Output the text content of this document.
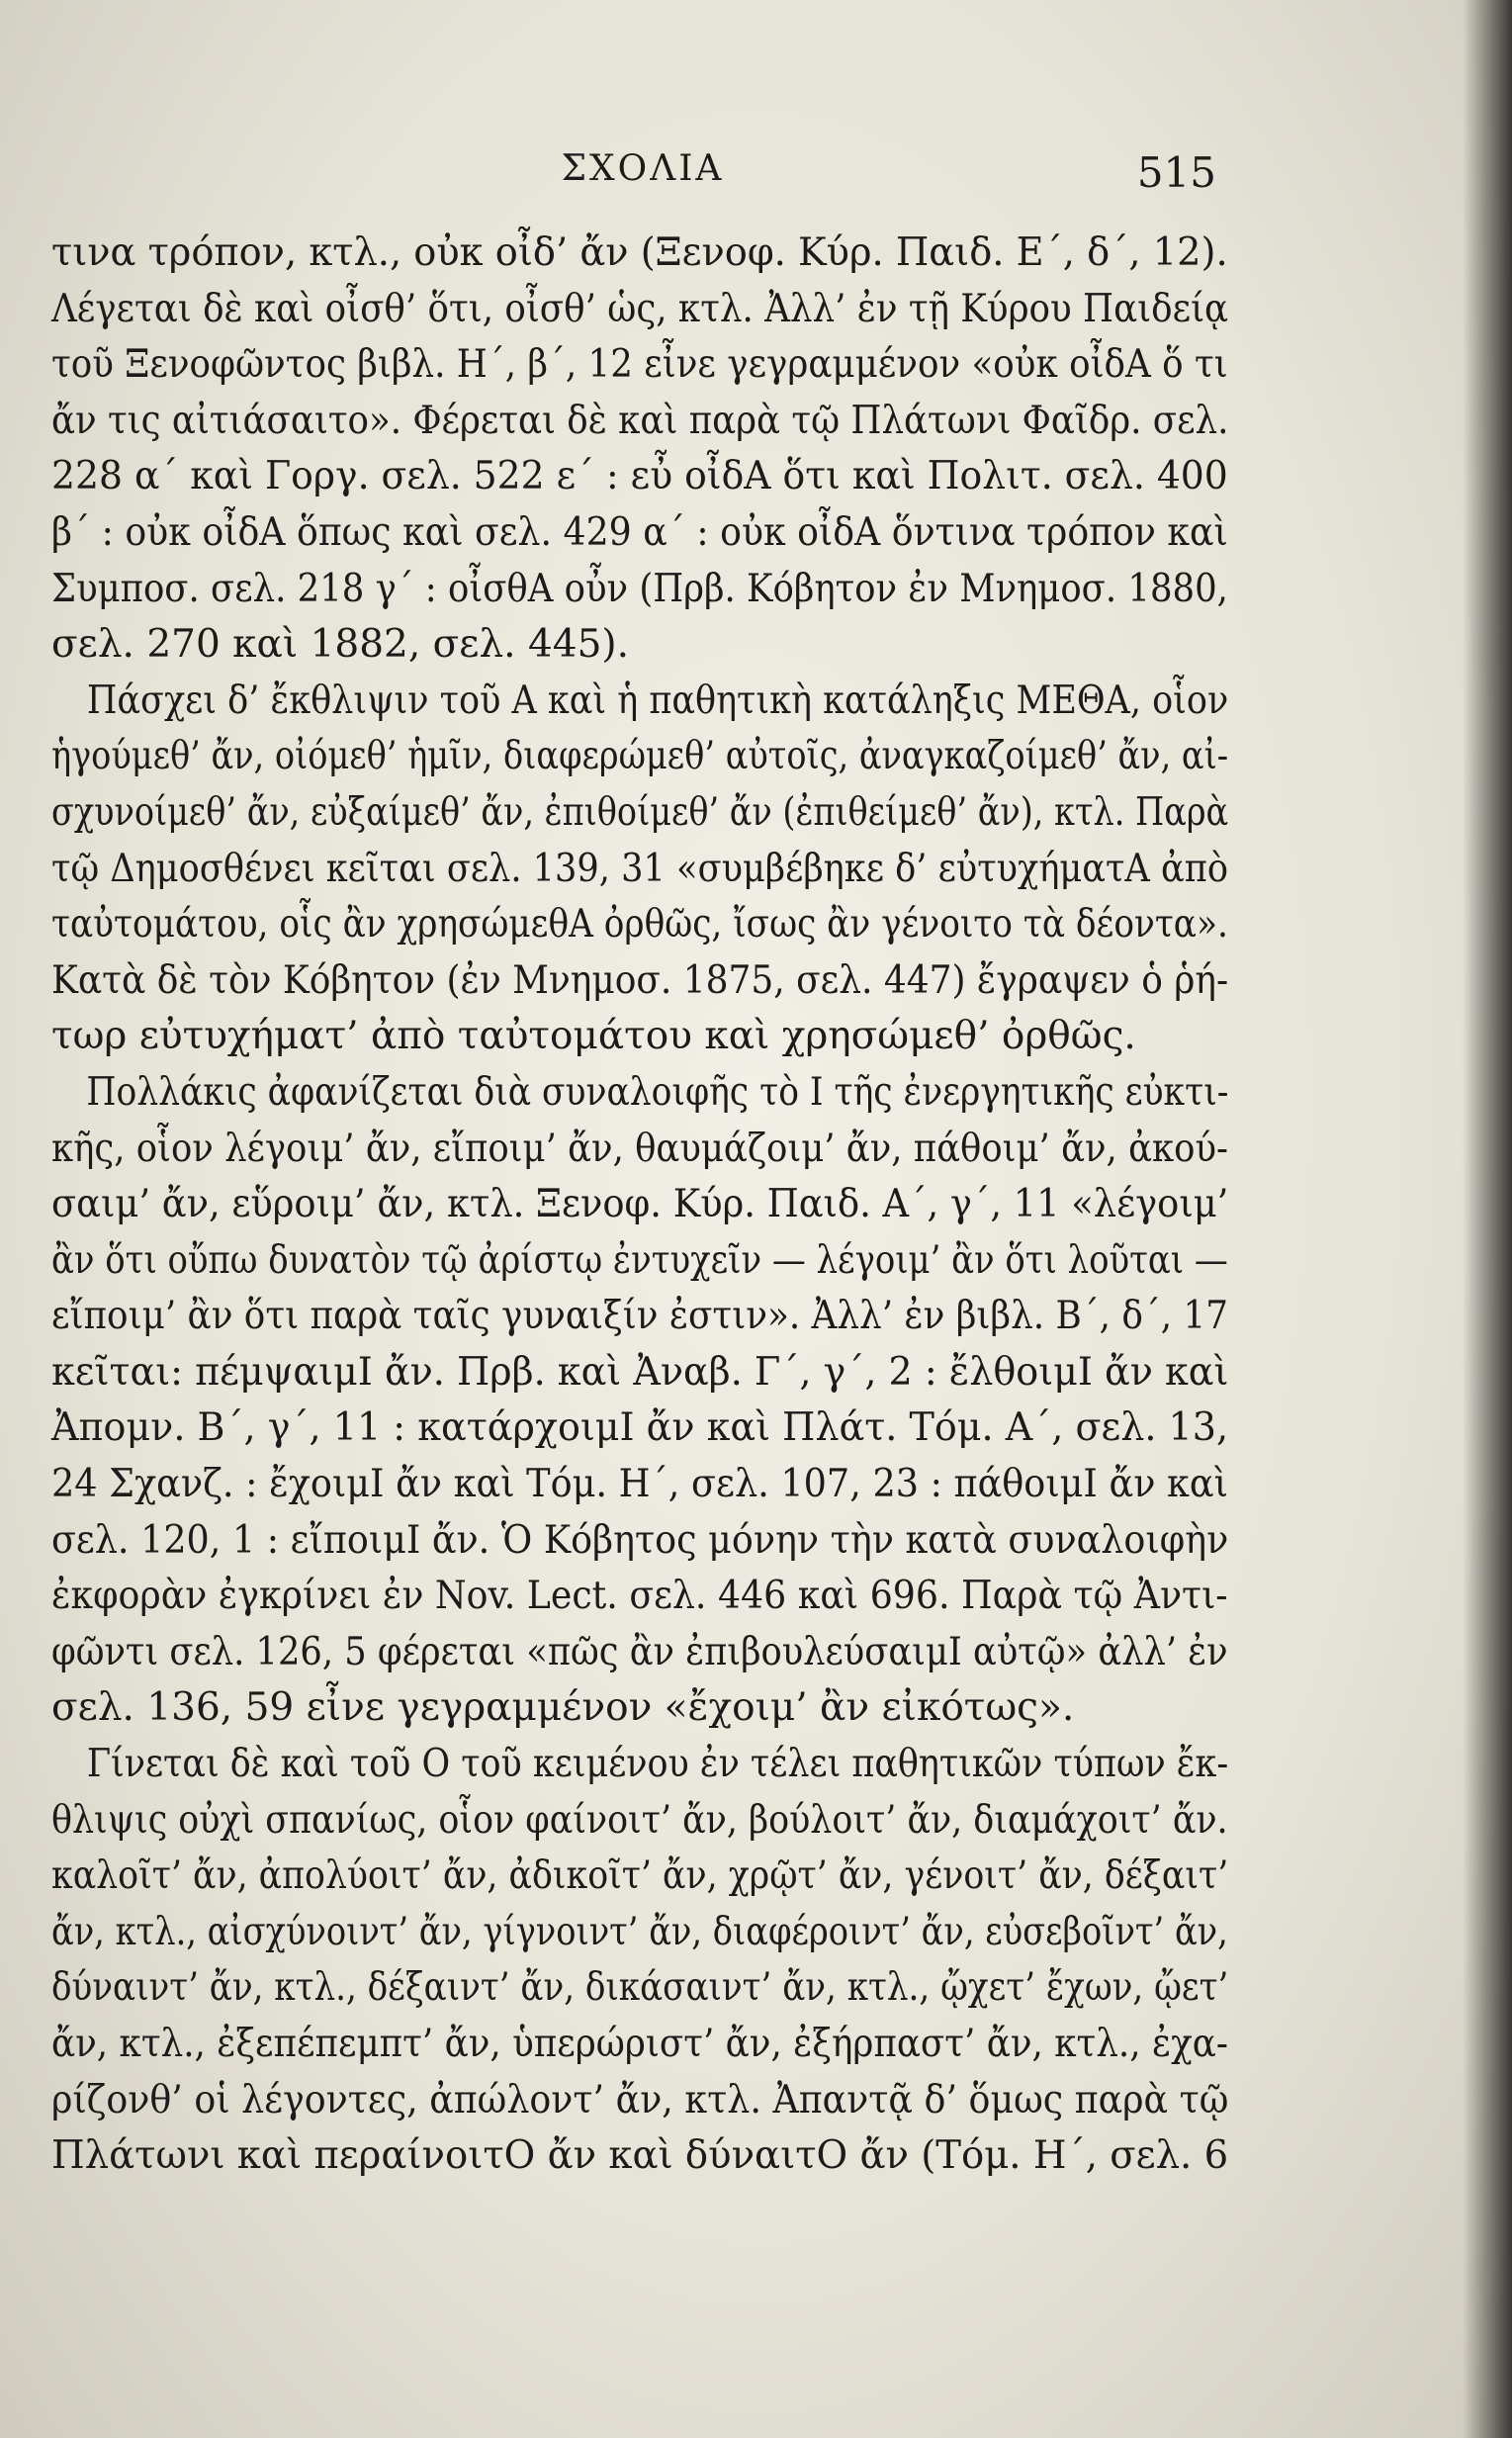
ΣΧΟΛΙΑ	515
τινα τρόπον, κτλ., οὐκ οἶδ’ ἄν (Ξενοφ. Κύρ. Παιδ. Ε΄, δ΄, 12).
Λέγεται δὲ καὶ οἶσθ’ ὅτι, οἶσθ’ ὡς, κτλ. Ἀλλ’ ἐν τῇ Κύρου Παιδείᾳ
τοῦ Ξενοφῶντος βιβλ. Η΄, β΄, 12 εἶνε γεγραμμένον «οὐκ οἶδΑ ὅ τι
ἄν τις αἰτιάσαιτο». Φέρεται δὲ καὶ παρὰ τῷ Πλάτωνι Φαῖδρ. σελ.
228 α΄ καὶ Γοργ. σελ. 522 ε΄ : εὖ οἶδΑ ὅτι καὶ Πολιτ. σελ. 400
β΄ : οὐκ οἶδΑ ὅπως καὶ σελ. 429 α΄ : οὐκ οἶδΑ ὅντινα τρόπον καὶ
Συμποσ. σελ. 218 γ΄ : οἶσθΑ οὖν (Πρβ. Κόβητον ἐν Μνημοσ. 1880,
σελ. 270 καὶ 1882, σελ. 445).
Πάσχει δ’ ἔκθλιψιν τοῦ Α καὶ ἡ παθητικὴ κατάληξις ΜΕΘΑ, οἷον
ἡγούμεθ’ ἄν, οἰόμεθ’ ἡμῖν, διαφερώμεθ’ αὐτοῖς, ἀναγκαζοίμεθ’ ἄν, αἰ-
σχυνοίμεθ’ ἄν, εὐξαίμεθ’ ἄν, ἐπιθοίμεθ’ ἄν (ἐπιθείμεθ’ ἄν), κτλ. Παρὰ
τῷ Δημοσθένει κεῖται σελ. 139, 31 «συμβέβηκε δ’ εὐτυχήματΑ ἀπὸ
ταὐτομάτου, οἷς ἂν χρησώμεθΑ ὀρθῶς, ἴσως ἂν γένοιτο τὰ δέοντα».
Κατὰ δὲ τὸν Κόβητον (ἐν Μνημοσ. 1875, σελ. 447) ἔγραψεν ὁ ῥή-
τωρ εὐτυχήματ’ ἀπὸ ταὐτομάτου καὶ χρησώμεθ’ ὀρθῶς.
Πολλάκις ἀφανίζεται διὰ συναλοιφῆς τὸ Ι τῆς ἐνεργητικῆς εὐκτι-
κῆς, οἷον λέγοιμ’ ἄν, εἴποιμ’ ἄν, θαυμάζοιμ’ ἄν, πάθοιμ’ ἄν, ἀκού-
σαιμ’ ἄν, εὕροιμ’ ἄν, κτλ. Ξενοφ. Κύρ. Παιδ. Α΄, γ΄, 11 «λέγοιμ’
ἂν ὅτι οὔπω δυνατὸν τῷ ἀρίστῳ ἐντυχεῖν — λέγοιμ’ ἂν ὅτι λοῦται —
εἴποιμ’ ἂν ὅτι παρὰ ταῖς γυναιξίν ἐστιν». Ἀλλ’ ἐν βιβλ. Β΄, δ΄, 17
κεῖται: πέμψαιμΙ ἄν. Πρβ. καὶ Ἀναβ. Γ΄, γ΄, 2 : ἔλθοιμΙ ἄν καὶ
Ἀπομν. Β΄, γ΄, 11 : κατάρχοιμΙ ἄν καὶ Πλάτ. Τόμ. Α΄, σελ. 13,
24 Σχανζ. : ἔχοιμΙ ἄν καὶ Τόμ. Η΄, σελ. 107, 23 : πάθοιμΙ ἄν καὶ
σελ. 120, 1 : εἴποιμΙ ἄν. Ὁ Κόβητος μόνην τὴν κατὰ συναλοιφὴν
ἐκφορὰν ἐγκρίνει ἐν Nov. Lect. σελ. 446 καὶ 696. Παρὰ τῷ Ἀντι-
φῶντι σελ. 126, 5 φέρεται «πῶς ἂν ἐπιβουλεύσαιμΙ αὐτῷ» ἀλλ’ ἐν
σελ. 136, 59 εἶνε γεγραμμένον «ἔχοιμ’ ἂν εἰκότως».
Γίνεται δὲ καὶ τοῦ Ο τοῦ κειμένου ἐν τέλει παθητικῶν τύπων ἔκ-
θλιψις οὐχὶ σπανίως, οἷον φαίνοιτ’ ἄν, βούλοιτ’ ἄν, διαμάχοιτ’ ἄν.
καλοῖτ’ ἄν, ἀπολύοιτ’ ἄν, ἀδικοῖτ’ ἄν, χρῷτ’ ἄν, γένοιτ’ ἄν, δέξαιτ’
ἄν, κτλ., αἰσχύνοιντ’ ἄν, γίγνοιντ’ ἄν, διαφέροιντ’ ἄν, εὐσεβοῖντ’ ἄν,
δύναιντ’ ἄν, κτλ., δέξαιντ’ ἄν, δικάσαιντ’ ἄν, κτλ., ᾤχετ’ ἔχων, ᾤετ’
ἄν, κτλ., ἐξεπέπεμπτ’ ἄν, ὑπερώριστ’ ἄν, ἐξήρπαστ’ ἄν, κτλ., ἐχα-
ρίζονθ’ οἱ λέγοντες, ἀπώλοντ’ ἄν, κτλ. Ἀπαντᾷ δ’ ὅμως παρὰ τῷ
Πλάτωνι καὶ περαίνοιτΟ ἄν καὶ δύναιτΟ ἄν (Τόμ. Η΄, σελ. 6
